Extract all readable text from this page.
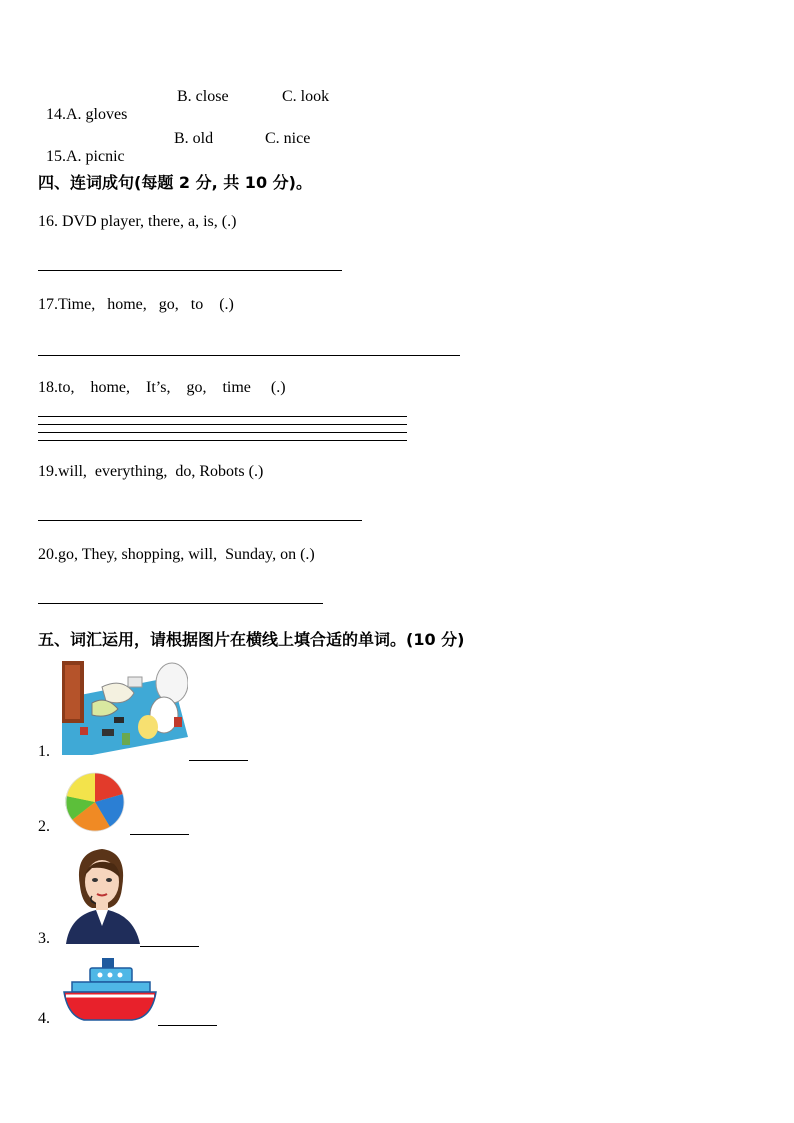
14.A. gloves

B. close	C. look

15.A. picnic

B. old	C. nice
四、连词成句(每题 2 分, 共 10 分)。
16. DVD player, there, a, is, (.)
17.Time,   home,   go,   to    (.)
18.to,    home,    It’s,    go,    time     (.)
19.will,  everything,  do, Robots (.)
20.go, They, shopping, will,  Sunday, on (.)
五、词汇运用，请根据图片在横线上填合适的单词。(10 分)
1.
2.
3.
4.
